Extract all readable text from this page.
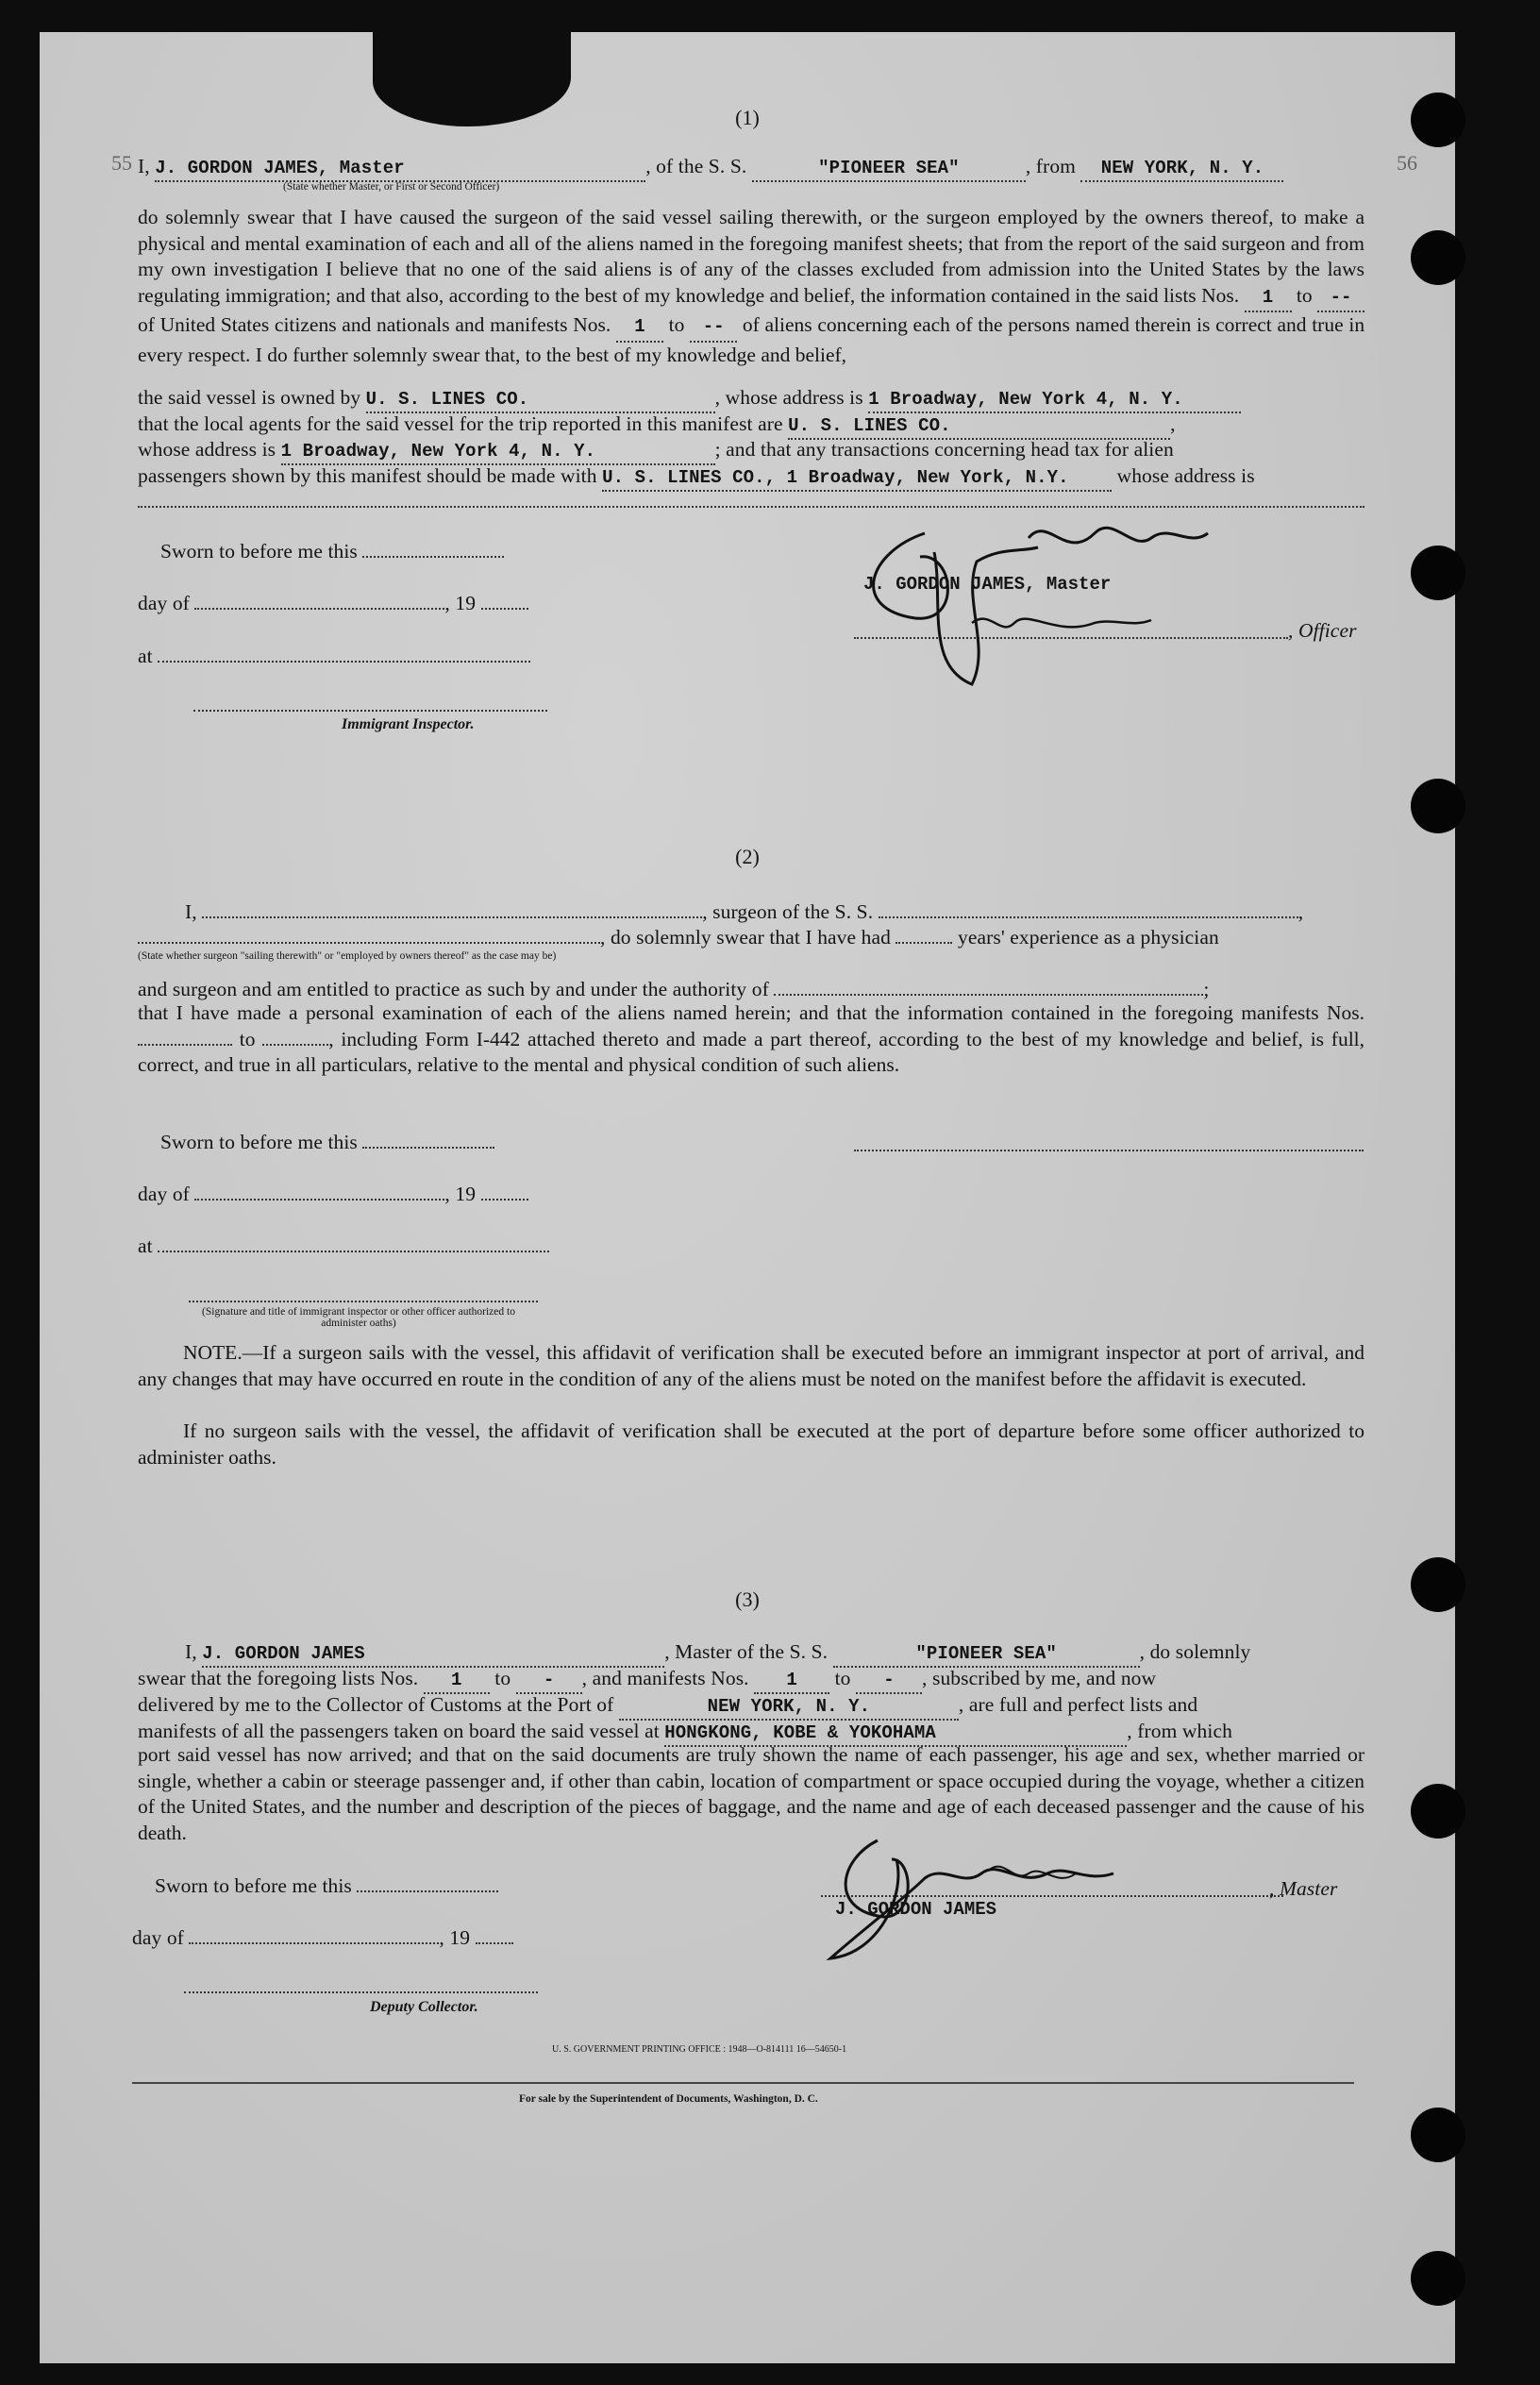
(1)
55	56
I, J. GORDON JAMES, Master	, of the S. S.	"PIONEER SEA"	, from NEW YORK, N. Y.
(State whether Master, or First or Second Officer)
do solemnly swear that I have caused the surgeon of the said vessel sailing therewith, or the surgeon employed by the owners thereof, to make a physical and mental examination of each and all of the aliens named in the foregoing manifest sheets; that from the report of the said surgeon and from my own investigation I believe that no one of the said aliens is of any of the classes excluded from admission into the United States by the laws regulating immigration; and that also, according to the best of my knowledge and belief, the information contained in the said lists Nos. 1 to -- of United States citizens and nationals and manifests Nos. 1 to -- of aliens concerning each of the persons named therein is correct and true in every respect. I do further solemnly swear that, to the best of my knowledge and belief,
the said vessel is owned by U. S. LINES CO.	, whose address is 1 Broadway, New York 4, N. Y.
that the local agents for the said vessel for the trip reported in this manifest are U. S. LINES CO.	,
whose address is 1 Broadway, New York 4, N. Y.	; and that any transactions concerning head tax for alien
passengers shown by this manifest should be made with U. S. LINES CO., 1 Broadway, New York, N.Y. whose address is
Sworn to before me this
day of	, 19
at
Immigrant Inspector.
J. GORDON JAMES, Master
, Officer
(2)
I,	, surgeon of the S. S.	,
, do solemnly swear that I have had	years' experience as a physician
(State whether surgeon "sailing therewith" or "employed by owners thereof" as the case may be)
and surgeon and am entitled to practice as such by and under the authority of	;
that I have made a personal examination of each of the aliens named herein; and that the information contained in the foregoing manifests Nos.  to	, including Form I-442 attached thereto and made a part thereof, according to the best of my knowledge and belief, is full, correct, and true in all particulars, relative to the mental and physical condition of such aliens.
Sworn to before me this
day of	, 19
at
(Signature and title of immigrant inspector or other officer authorized to administer oaths)
NOTE.—If a surgeon sails with the vessel, this affidavit of verification shall be executed before an immigrant inspector at port of arrival, and any changes that may have occurred en route in the condition of any of the aliens must be noted on the manifest before the affidavit is executed.
If no surgeon sails with the vessel, the affidavit of verification shall be executed at the port of departure before some officer authorized to administer oaths.
(3)
I, J. GORDON JAMES	, Master of the S. S.	"PIONEER SEA"	, do solemnly
swear that the foregoing lists Nos. 1 to - , and manifests Nos. 1 to - , subscribed by me, and now
delivered by me to the Collector of Customs at the Port of	NEW YORK, N. Y.	, are full and perfect lists and
manifests of all the passengers taken on board the said vessel at HONGKONG, KOBE & YOKOHAMA	, from which
port said vessel has now arrived; and that on the said documents are truly shown the name of each passenger, his age and sex, whether married or single, whether a cabin or steerage passenger and, if other than cabin, location of compartment or space occupied during the voyage, whether a citizen of the United States, and the number and description of the pieces of baggage, and the name and age of each deceased passenger and the cause of his death.
Sworn to before me this	, Master
J. GORDON JAMES
day of	, 19
Deputy Collector.
U. S. GOVERNMENT PRINTING OFFICE : 1948—O-814111 16—54650-1
For sale by the Superintendent of Documents, Washington, D. C.
